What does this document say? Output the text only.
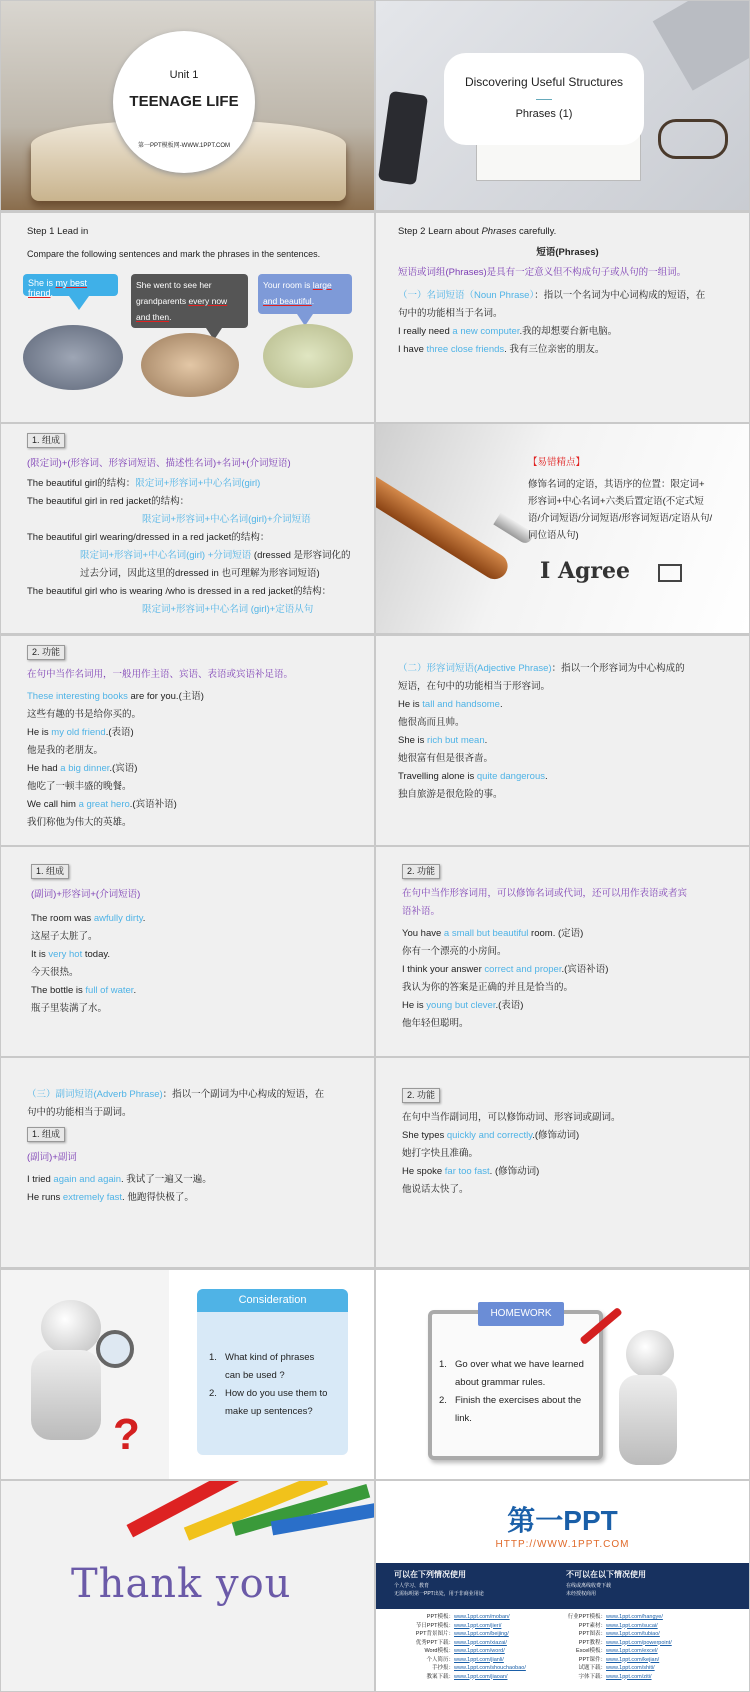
Unit 1
TEENAGE LIFE
第一PPT模板网-WWW.1PPT.COM
Discovering Useful Structures
Phrases (1)
Step 1 Lead in
Compare the following sentences and mark the phrases in the sentences.
She is my best friend.
She went to see her
grandparents every now
and then.
Your room is large
and beautiful.
Step 2 Learn about Phrases carefully.
短语(Phrases)
短语或词组(Phrases)是具有一定意义但不构成句子或从句的一组词。
（一）名词短语（Noun Phrase）：指以一个名词为中心词构成的短语，在
句中的功能相当于名词。
I really need a new computer.我的却想要台新电脑。
I have three close friends. 我有三位亲密的朋友。
1. 组成
(限定词)+(形容词、形容词短语、描述性名词)+名词+(介词短语)
The beautiful girl的结构：限定词+形容词+中心名词(girl)
The beautiful girl in red jacket的结构：
限定词+形容词+中心名词(girl)+介词短语
The beautiful girl wearing/dressed in a red jacket的结构：
限定词+形容词+中心名词(girl) +分词短语 (dressed 是形容词化的
过去分词，因此这里的dressed in 也可理解为形容词短语)
The beautiful girl who is wearing /who is dressed in a red jacket的结构：
限定词+形容词+中心名词 (girl)+定语从句
【易错精点】
修饰名词的定语，其语序的位置：限定词+
形容词+中心名词+六类后置定语(不定式短
语/介词短语/分词短语/形容词短语/定语从句/
同位语从句)
I Agree
2. 功能
在句中当作名词用，一般用作主语、宾语、表语或宾语补足语。
These interesting books are for you.(主语)
这些有趣的书是给你买的。
He is my old friend.(表语)
他是我的老朋友。
He had a big dinner.(宾语)
他吃了一顿丰盛的晚餐。
We call him a great hero.(宾语补语)
我们称他为伟大的英雄。
（二）形容词短语(Adjective Phrase)：指以一个形容词为中心构成的
短语，在句中的功能相当于形容词。
He is tall and handsome.
他很高而且帅。
She is rich but mean.
她很富有但是很吝啬。
Travelling alone is quite dangerous.
独自旅游是很危险的事。
1. 组成
(副词)+形容词+(介词短语)
The room was awfully dirty.
这屋子太脏了。
It is very hot today.
今天很热。
The bottle is full of water.
瓶子里装满了水。
2. 功能
在句中当作形容词用，可以修饰名词或代词，还可以用作表语或者宾
语补语。
You have a small but beautiful room. (定语)
你有一个漂亮的小房间。
I think your answer correct and proper.(宾语补语)
我认为你的答案是正确的并且是恰当的。
He is young but clever.(表语)
他年轻但聪明。
（三）副词短语(Adverb Phrase)：指以一个副词为中心构成的短语，在
句中的功能相当于副词。
1. 组成
(副词)+副词
I tried again and again. 我试了一遍又一遍。
He runs extremely fast. 他跑得快极了。
2. 功能
在句中当作副词用，可以修饰动词、形容词或副词。
She types quickly and correctly.(修饰动词)
她打字快且准确。
He spoke far too fast. (修饰动词)
他说话太快了。
?
Consideration
1. What kind of phrases
can be used ?
2. How do you use them to
make up sentences?
HOMEWORK
1. Go over what we have learned
about grammar rules.
2. Finish the exercises about the
link.
Thank you
第一PPT
HTTP://WWW.1PPT.COM
可以在下列情况使用
个人学习、教育
无需标明第一PPT出处，用于非商业用途
不可以在以下情况使用
在线或离线收费下载
未经授权商用
PPT模板：www.1ppt.com/moban/
节日PPT模板：www.1ppt.com/jieri/
PPT背景图片：www.1ppt.com/beijing/
优秀PPT下载：www.1ppt.com/xiazai/
Word模板：www.1ppt.com/word/
个人简历：www.1ppt.com/jianli/
手抄报：www.1ppt.com/shouchaobao/
教案下载：www.1ppt.com/jiaoan/
行业PPT模板：www.1ppt.com/hangye/
PPT素材：www.1ppt.com/sucai/
PPT图表：www.1ppt.com/tubiao/
PPT教程：www.1ppt.com/powerpoint/
Excel模板：www.1ppt.com/excel/
PPT课件：www.1ppt.com/kejian/
试题下载：www.1ppt.com/shiti/
字体下载：www.1ppt.com/ziti/
